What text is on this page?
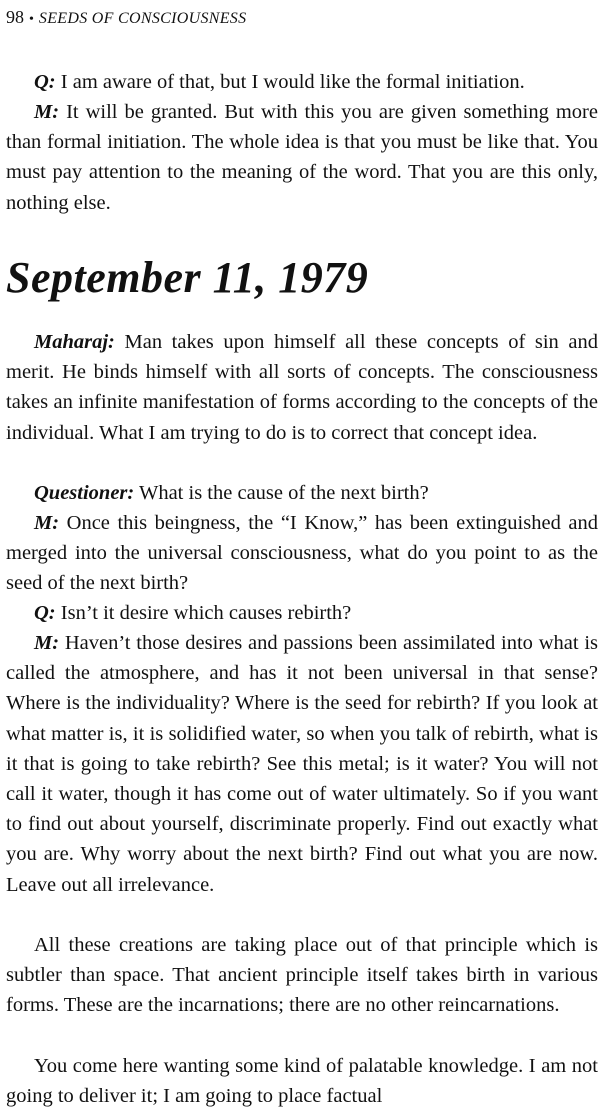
98 • SEEDS OF CONSCIOUSNESS

Q: I am aware of that, but I would like the formal initiation.

M: It will be granted. But with this you are given something more than formal initiation. The whole idea is that you must be like that. You must pay attention to the meaning of the word. That you are this only, nothing else.

September 11, 1979

Maharaj: Man takes upon himself all these concepts of sin and merit. He binds himself with all sorts of concepts. The consciousness takes an infinite manifestation of forms according to the concepts of the individual. What I am trying to do is to correct that concept idea.

Questioner: What is the cause of the next birth?

M: Once this beingness, the “I Know,” has been extinguished and merged into the universal consciousness, what do you point to as the seed of the next birth?

Q: Isn’t it desire which causes rebirth?

M: Haven’t those desires and passions been assimilated into what is called the atmosphere, and has it not been universal in that sense? Where is the individuality? Where is the seed for rebirth? If you look at what matter is, it is solidified water, so when you talk of rebirth, what is it that is going to take rebirth? See this metal; is it water? You will not call it water, though it has come out of water ultimately. So if you want to find out about yourself, discriminate properly. Find out exactly what you are. Why worry about the next birth? Find out what you are now. Leave out all irrelevance.

All these creations are taking place out of that principle which is subtler than space. That ancient principle itself takes birth in various forms. These are the incarnations; there are no other reincarnations.

You come here wanting some kind of palatable knowledge. I am not going to deliver it; I am going to place factual
